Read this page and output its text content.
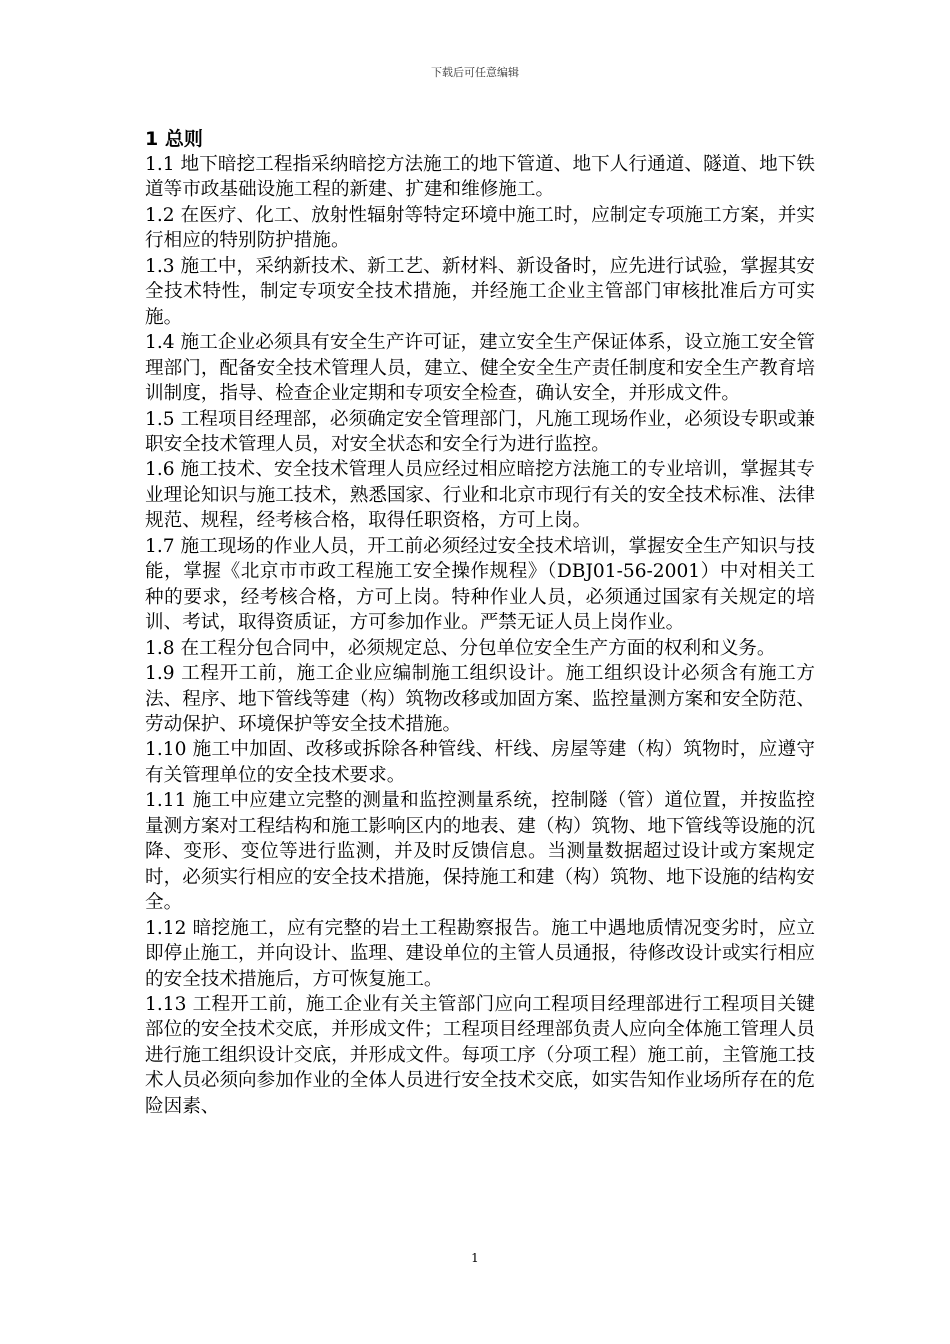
下载后可任意编辑

1 总则

1.1 地下暗挖工程指采纳暗挖方法施工的地下管道、地下人行通道、隧道、地下铁道等市政基础设施工程的新建、扩建和维修施工。

1.2 在医疗、化工、放射性辐射等特定环境中施工时，应制定专项施工方案，并实行相应的特别防护措施。

1.3 施工中，采纳新技术、新工艺、新材料、新设备时，应先进行试验，掌握其安全技术特性，制定专项安全技术措施，并经施工企业主管部门审核批准后方可实施。

1.4 施工企业必须具有安全生产许可证，建立安全生产保证体系，设立施工安全管理部门，配备安全技术管理人员，建立、健全安全生产责任制度和安全生产教育培训制度，指导、检查企业定期和专项安全检查，确认安全，并形成文件。

1.5 工程项目经理部，必须确定安全管理部门，凡施工现场作业，必须设专职或兼职安全技术管理人员，对安全状态和安全行为进行监控。

1.6 施工技术、安全技术管理人员应经过相应暗挖方法施工的专业培训，掌握其专业理论知识与施工技术，熟悉国家、行业和北京市现行有关的安全技术标准、法律规范、规程，经考核合格，取得任职资格，方可上岗。

1.7 施工现场的作业人员，开工前必须经过安全技术培训，掌握安全生产知识与技能，掌握《北京市市政工程施工安全操作规程》（DBJ01-56-2001）中对相关工种的要求，经考核合格，方可上岗。特种作业人员，必须通过国家有关规定的培训、考试，取得资质证，方可参加作业。严禁无证人员上岗作业。

1.8 在工程分包合同中，必须规定总、分包单位安全生产方面的权利和义务。

1.9 工程开工前，施工企业应编制施工组织设计。施工组织设计必须含有施工方法、程序、地下管线等建（构）筑物改移或加固方案、监控量测方案和安全防范、劳动保护、环境保护等安全技术措施。

1.10 施工中加固、改移或拆除各种管线、杆线、房屋等建（构）筑物时，应遵守有关管理单位的安全技术要求。

1.11 施工中应建立完整的测量和监控测量系统，控制隧（管）道位置，并按监控量测方案对工程结构和施工影响区内的地表、建（构）筑物、地下管线等设施的沉降、变形、变位等进行监测，并及时反馈信息。当测量数据超过设计或方案规定时，必须实行相应的安全技术措施，保持施工和建（构）筑物、地下设施的结构安全。

1.12 暗挖施工，应有完整的岩土工程勘察报告。施工中遇地质情况变劣时，应立即停止施工，并向设计、监理、建设单位的主管人员通报，待修改设计或实行相应的安全技术措施后，方可恢复施工。

1.13 工程开工前，施工企业有关主管部门应向工程项目经理部进行工程项目关键部位的安全技术交底，并形成文件；工程项目经理部负责人应向全体施工管理人员进行施工组织设计交底，并形成文件。每项工序（分项工程）施工前，主管施工技术人员必须向参加作业的全体人员进行安全技术交底，如实告知作业场所存在的危险因素、

1
